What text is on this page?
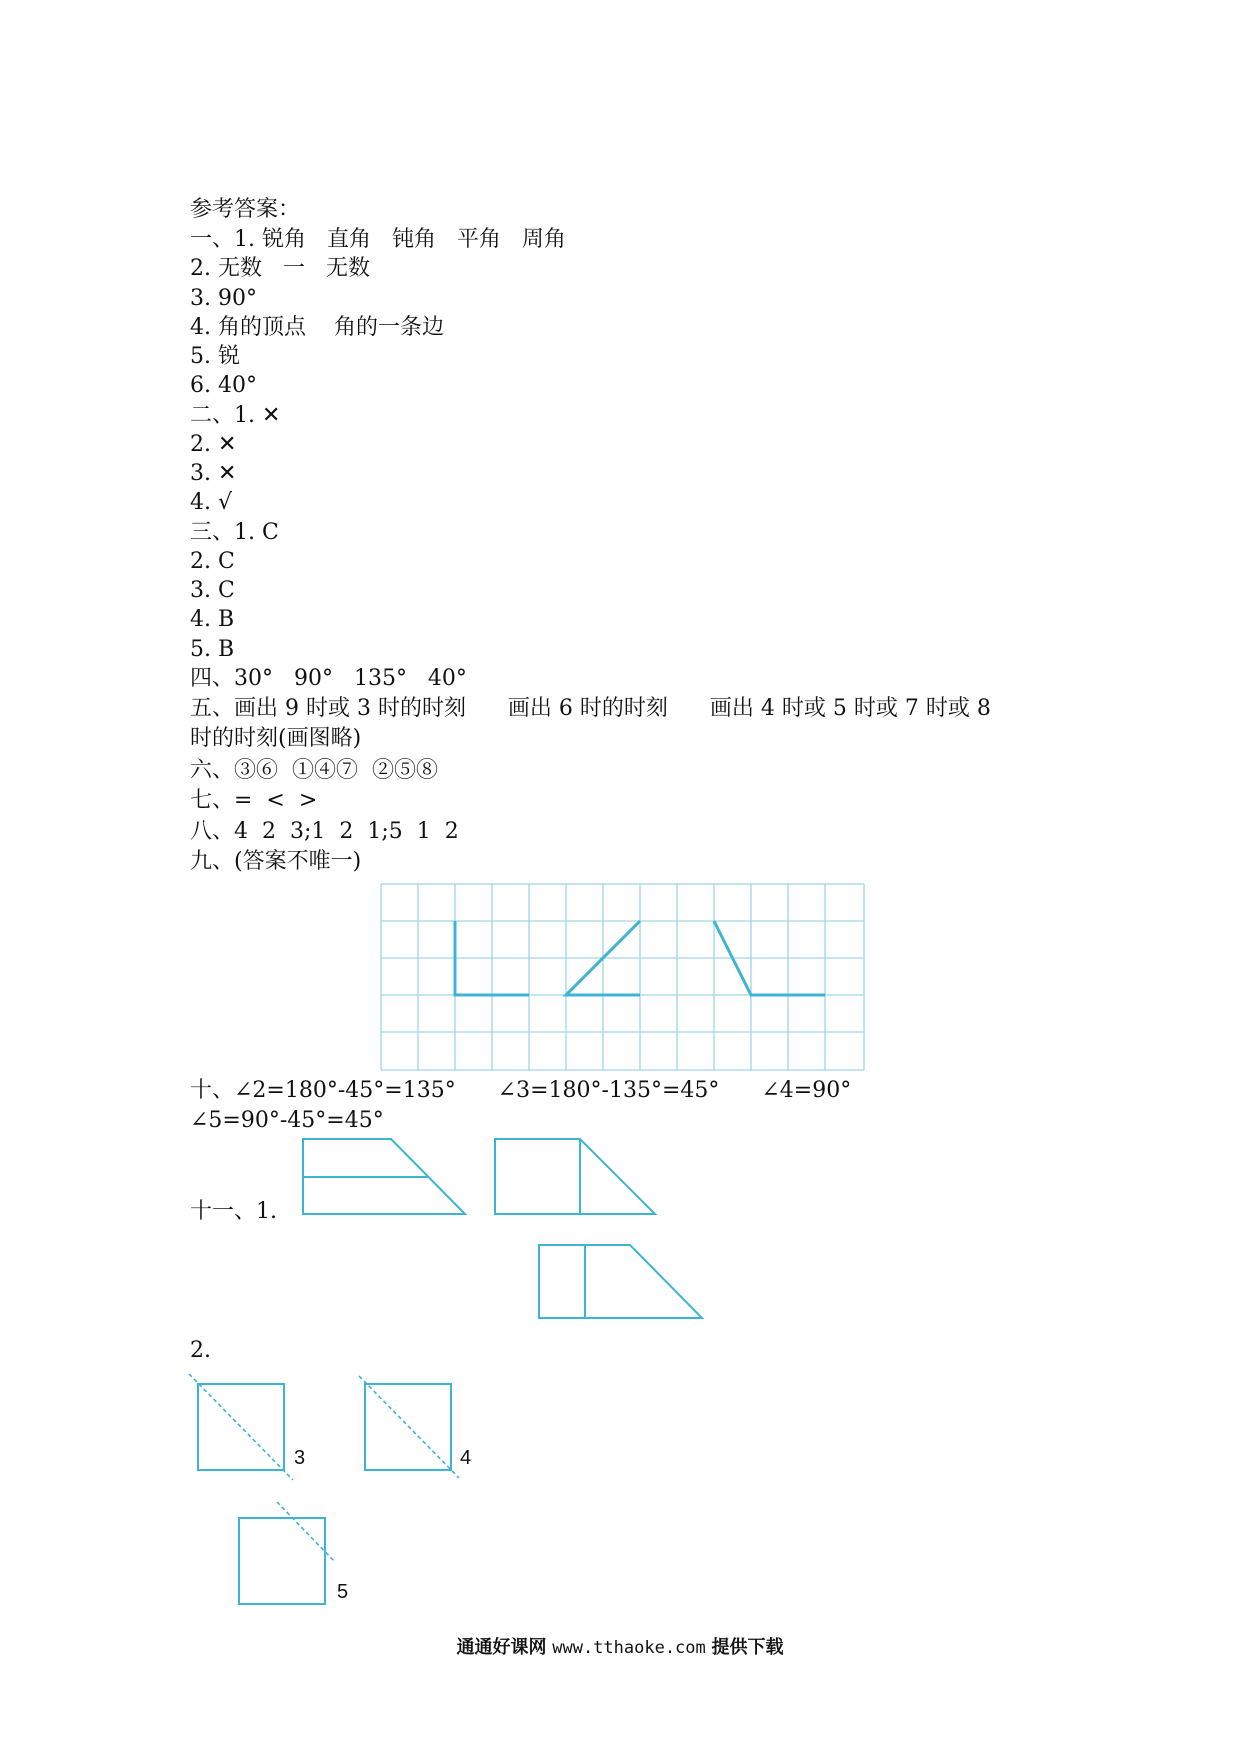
参考答案：
一、1. 锐角   直角   钝角   平角   周角
2. 无数   一   无数
3. 90°
4. 角的顶点    角的一条边
5. 锐
6. 40°
二、1. ✕
2. ✕
3. ✕
4. √
三、1. C
2. C
3. C
4. B
5. B
四、30°   90°   135°   40°
五、画出 9 时或 3 时的时刻      画出 6 时的时刻      画出 4 时或 5 时或 7 时或 8
时的时刻(画图略)
六、③⑥  ①④⑦  ②⑤⑧
七、=  <  >
八、4  2  3;1  2  1;5  1  2
九、(答案不唯一)
十、∠2=180°-45°=135°      ∠3=180°-135°=45°      ∠4=90°
∠5=90°-45°=45°
十一、1.
2.
3	4
5
通通好课网 www.tthaoke.com 提供下载
